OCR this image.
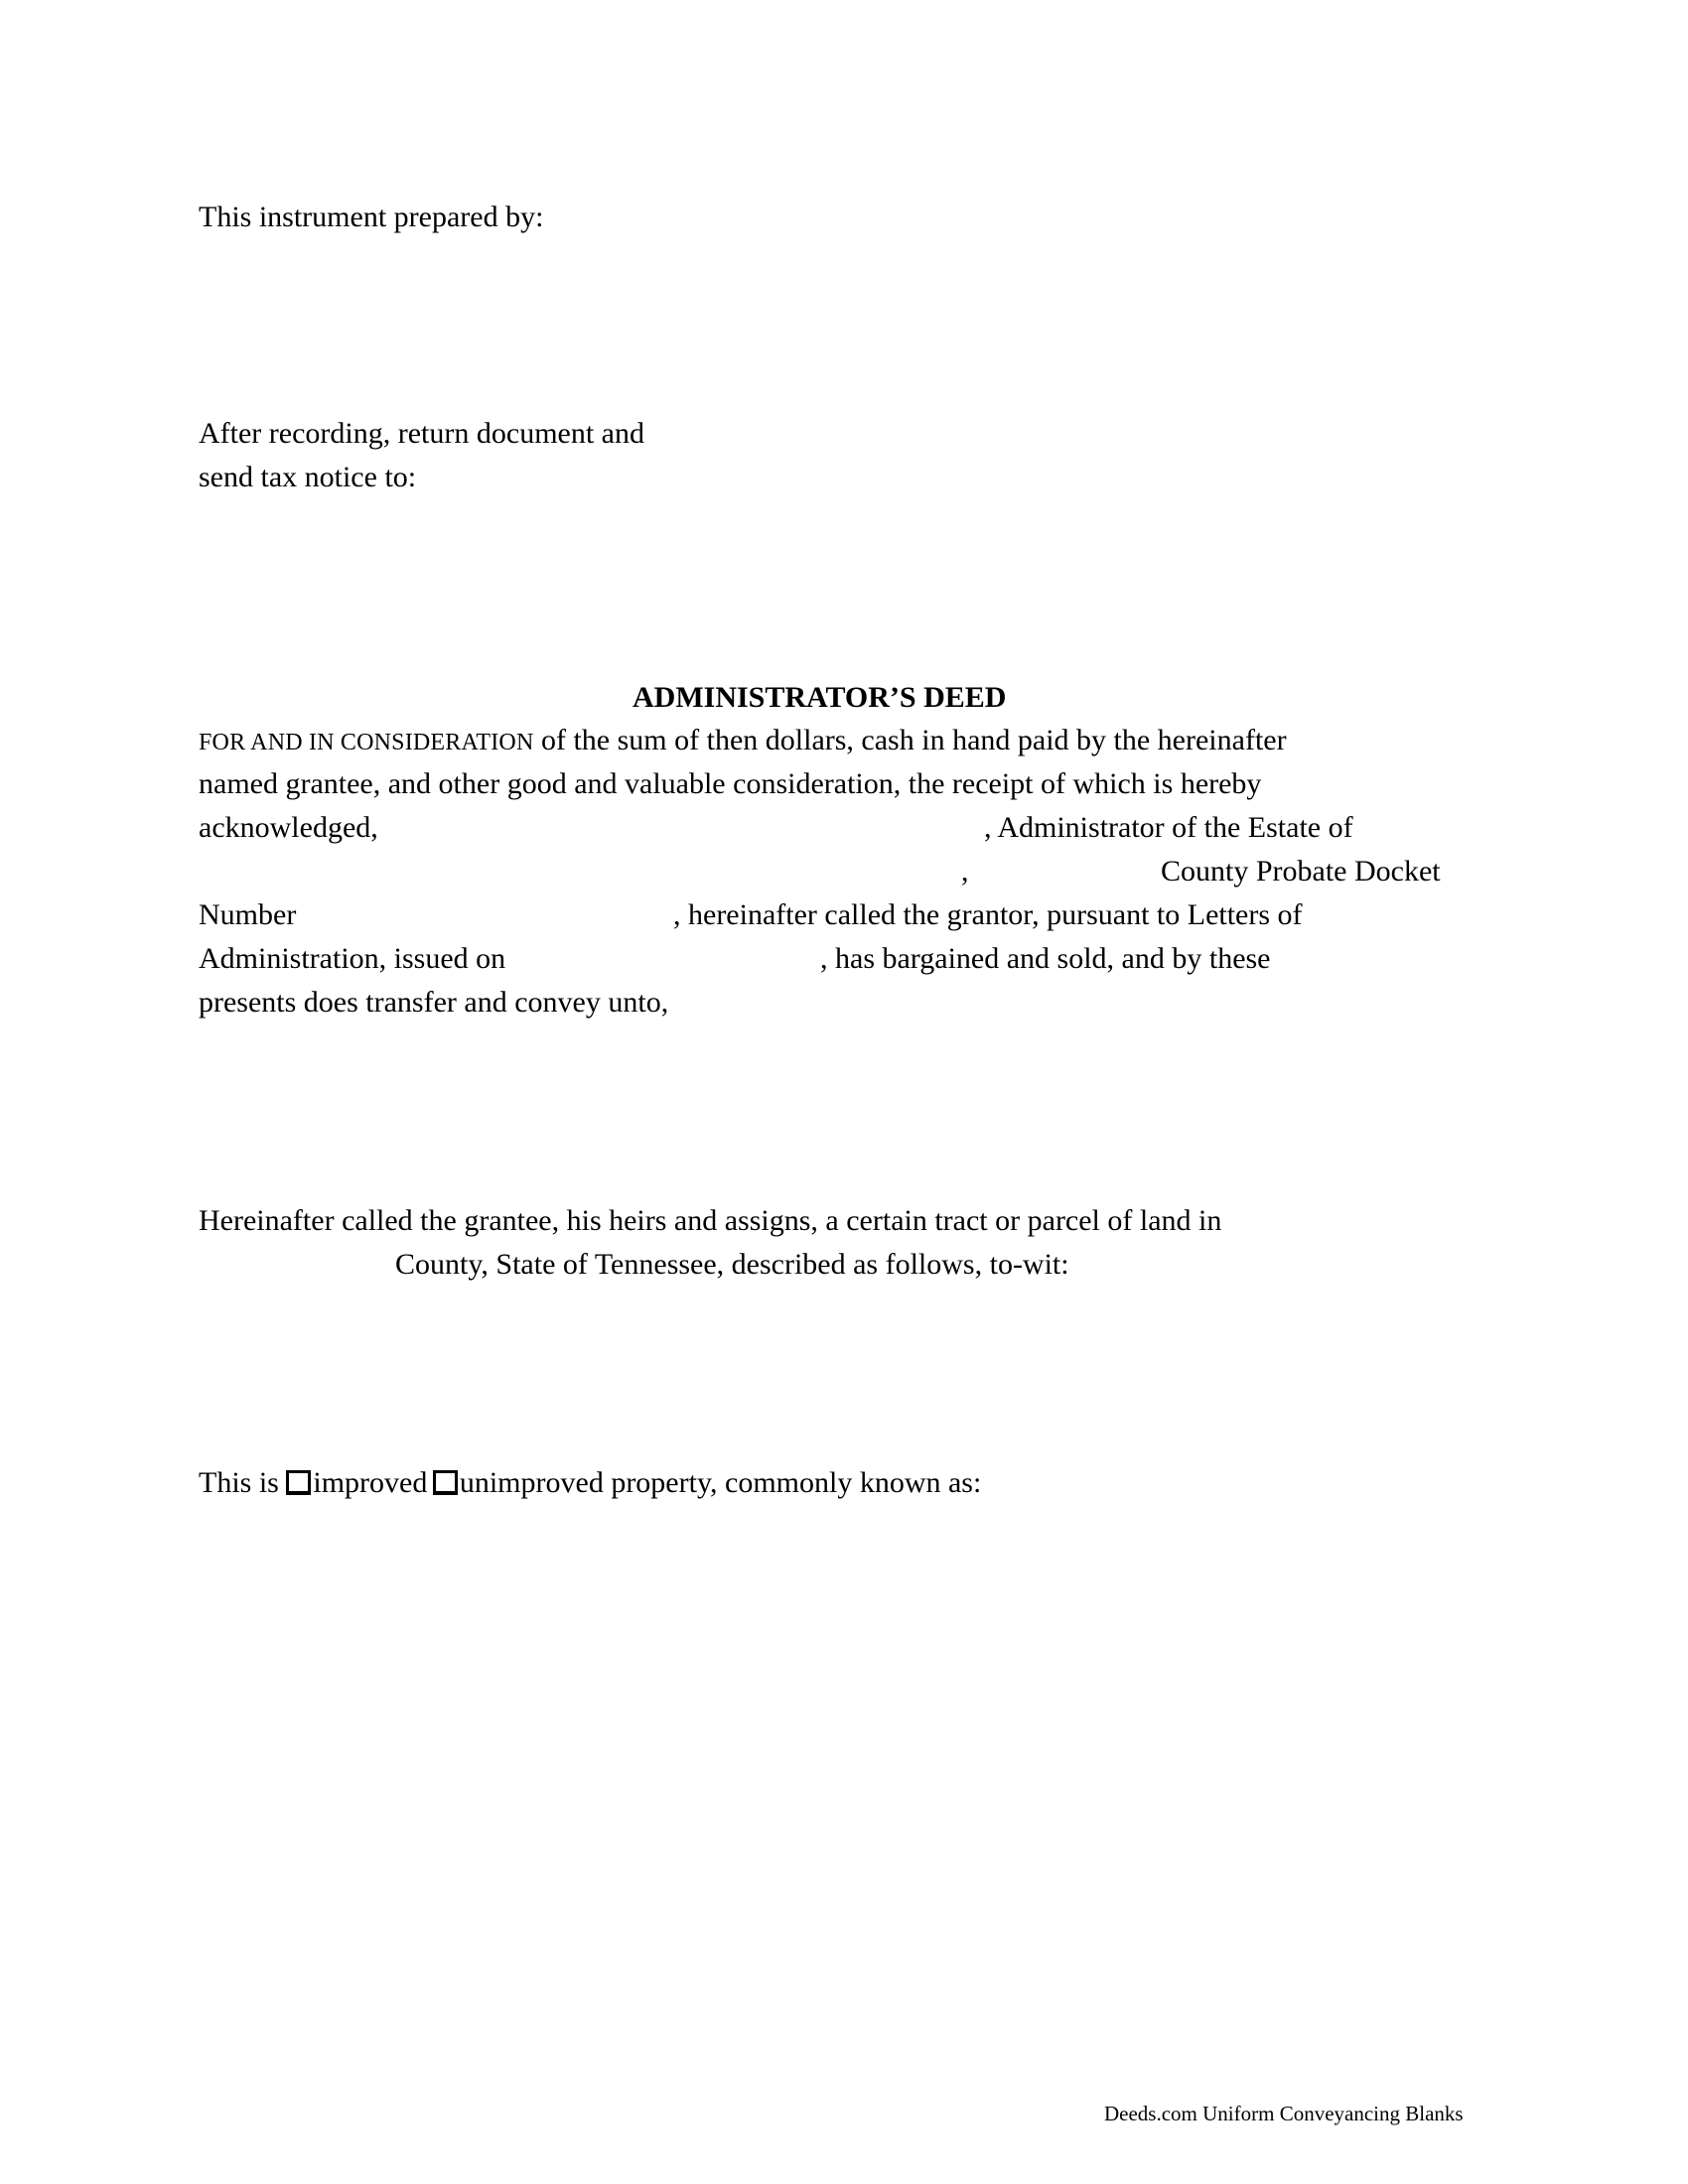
This instrument prepared by:
After recording, return document and
send tax notice to:
ADMINISTRATOR’S DEED
FOR AND IN CONSIDERATION of the sum of then dollars, cash in hand paid by the hereinafter
named grantee, and other good and valuable consideration, the receipt of which is hereby
acknowledged,	, Administrator of the Estate of
,	County Probate Docket
Number	, hereinafter called the grantor, pursuant to Letters of
Administration, issued on	, has bargained and sold, and by these
presents does transfer and convey unto,
Hereinafter called the grantee, his heirs and assigns, a certain tract or parcel of land in
County, State of Tennessee, described as follows, to-wit:
This is improved unimproved property, commonly known as:
Deeds.com Uniform Conveyancing Blanks
